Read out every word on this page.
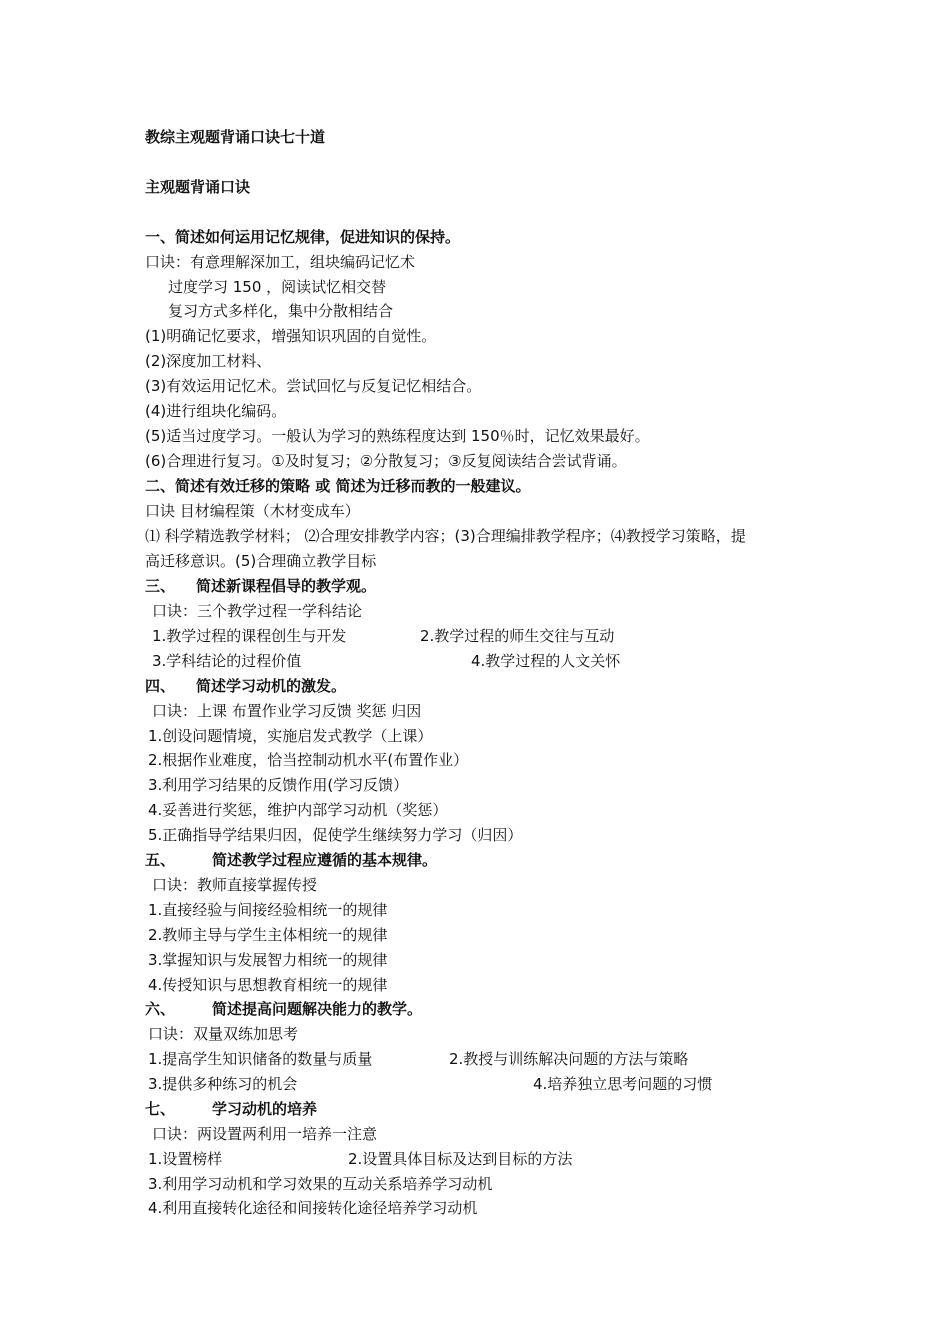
教综主观题背诵口诀七十道
主观题背诵口诀
一、简述如何运用记忆规律，促进知识的保持。
口诀：有意理解深加工，组块编码记忆术
过度学习 150 ，阅读试忆相交替
复习方式多样化，集中分散相结合
(1)明确记忆要求，增强知识巩固的自觉性。
(2)深度加工材料、
(3)有效运用记忆术。尝试回忆与反复记忆相结合。
(4)进行组块化编码。
(5)适当过度学习。一般认为学习的熟练程度达到 150％时，记忆效果最好。
(6)合理进行复习。①及时复习；②分散复习；③反复阅读结合尝试背诵。
二、简述有效迁移的策略 或 简述为迁移而教的一般建议。
口诀 目材编程策（木材变成车）
⑴ 科学精选教学材料； ⑵合理安排教学内容；(3)合理编排教学程序；⑷教授学习策略，提
高迁移意识。(5)合理确立教学目标
三、 简述新课程倡导的教学观。
口诀：三个教学过程一学科结论
1.教学过程的课程创生与开发	2.教学过程的师生交往与互动
3.学科结论的过程价值	4.教学过程的人文关怀
四、 简述学习动机的激发。
口诀：上课 布置作业学习反馈 奖惩 归因
1.创设问题情境，实施启发式教学（上课）
2.根据作业难度，恰当控制动机水平(布置作业）
3.利用学习结果的反馈作用(学习反馈）
4.妥善进行奖惩，维护内部学习动机（奖惩）
5.正确指导学结果归因，促使学生继续努力学习（归因）
五、 简述教学过程应遵循的基本规律。
口诀：教师直接掌握传授
1.直接经验与间接经验相统一的规律
2.教师主导与学生主体相统一的规律
3.掌握知识与发展智力相统一的规律
4.传授知识与思想教育相统一的规律
六、 简述提高问题解决能力的教学。
口诀：双量双练加思考
1.提高学生知识储备的数量与质量	2.教授与训练解决问题的方法与策略
3.提供多种练习的机会	4.培养独立思考问题的习惯
七、 学习动机的培养
口诀：两设置两利用一培养一注意
1.设置榜样	2.设置具体目标及达到目标的方法
3.利用学习动机和学习效果的互动关系培养学习动机
4.利用直接转化途径和间接转化途径培养学习动机
